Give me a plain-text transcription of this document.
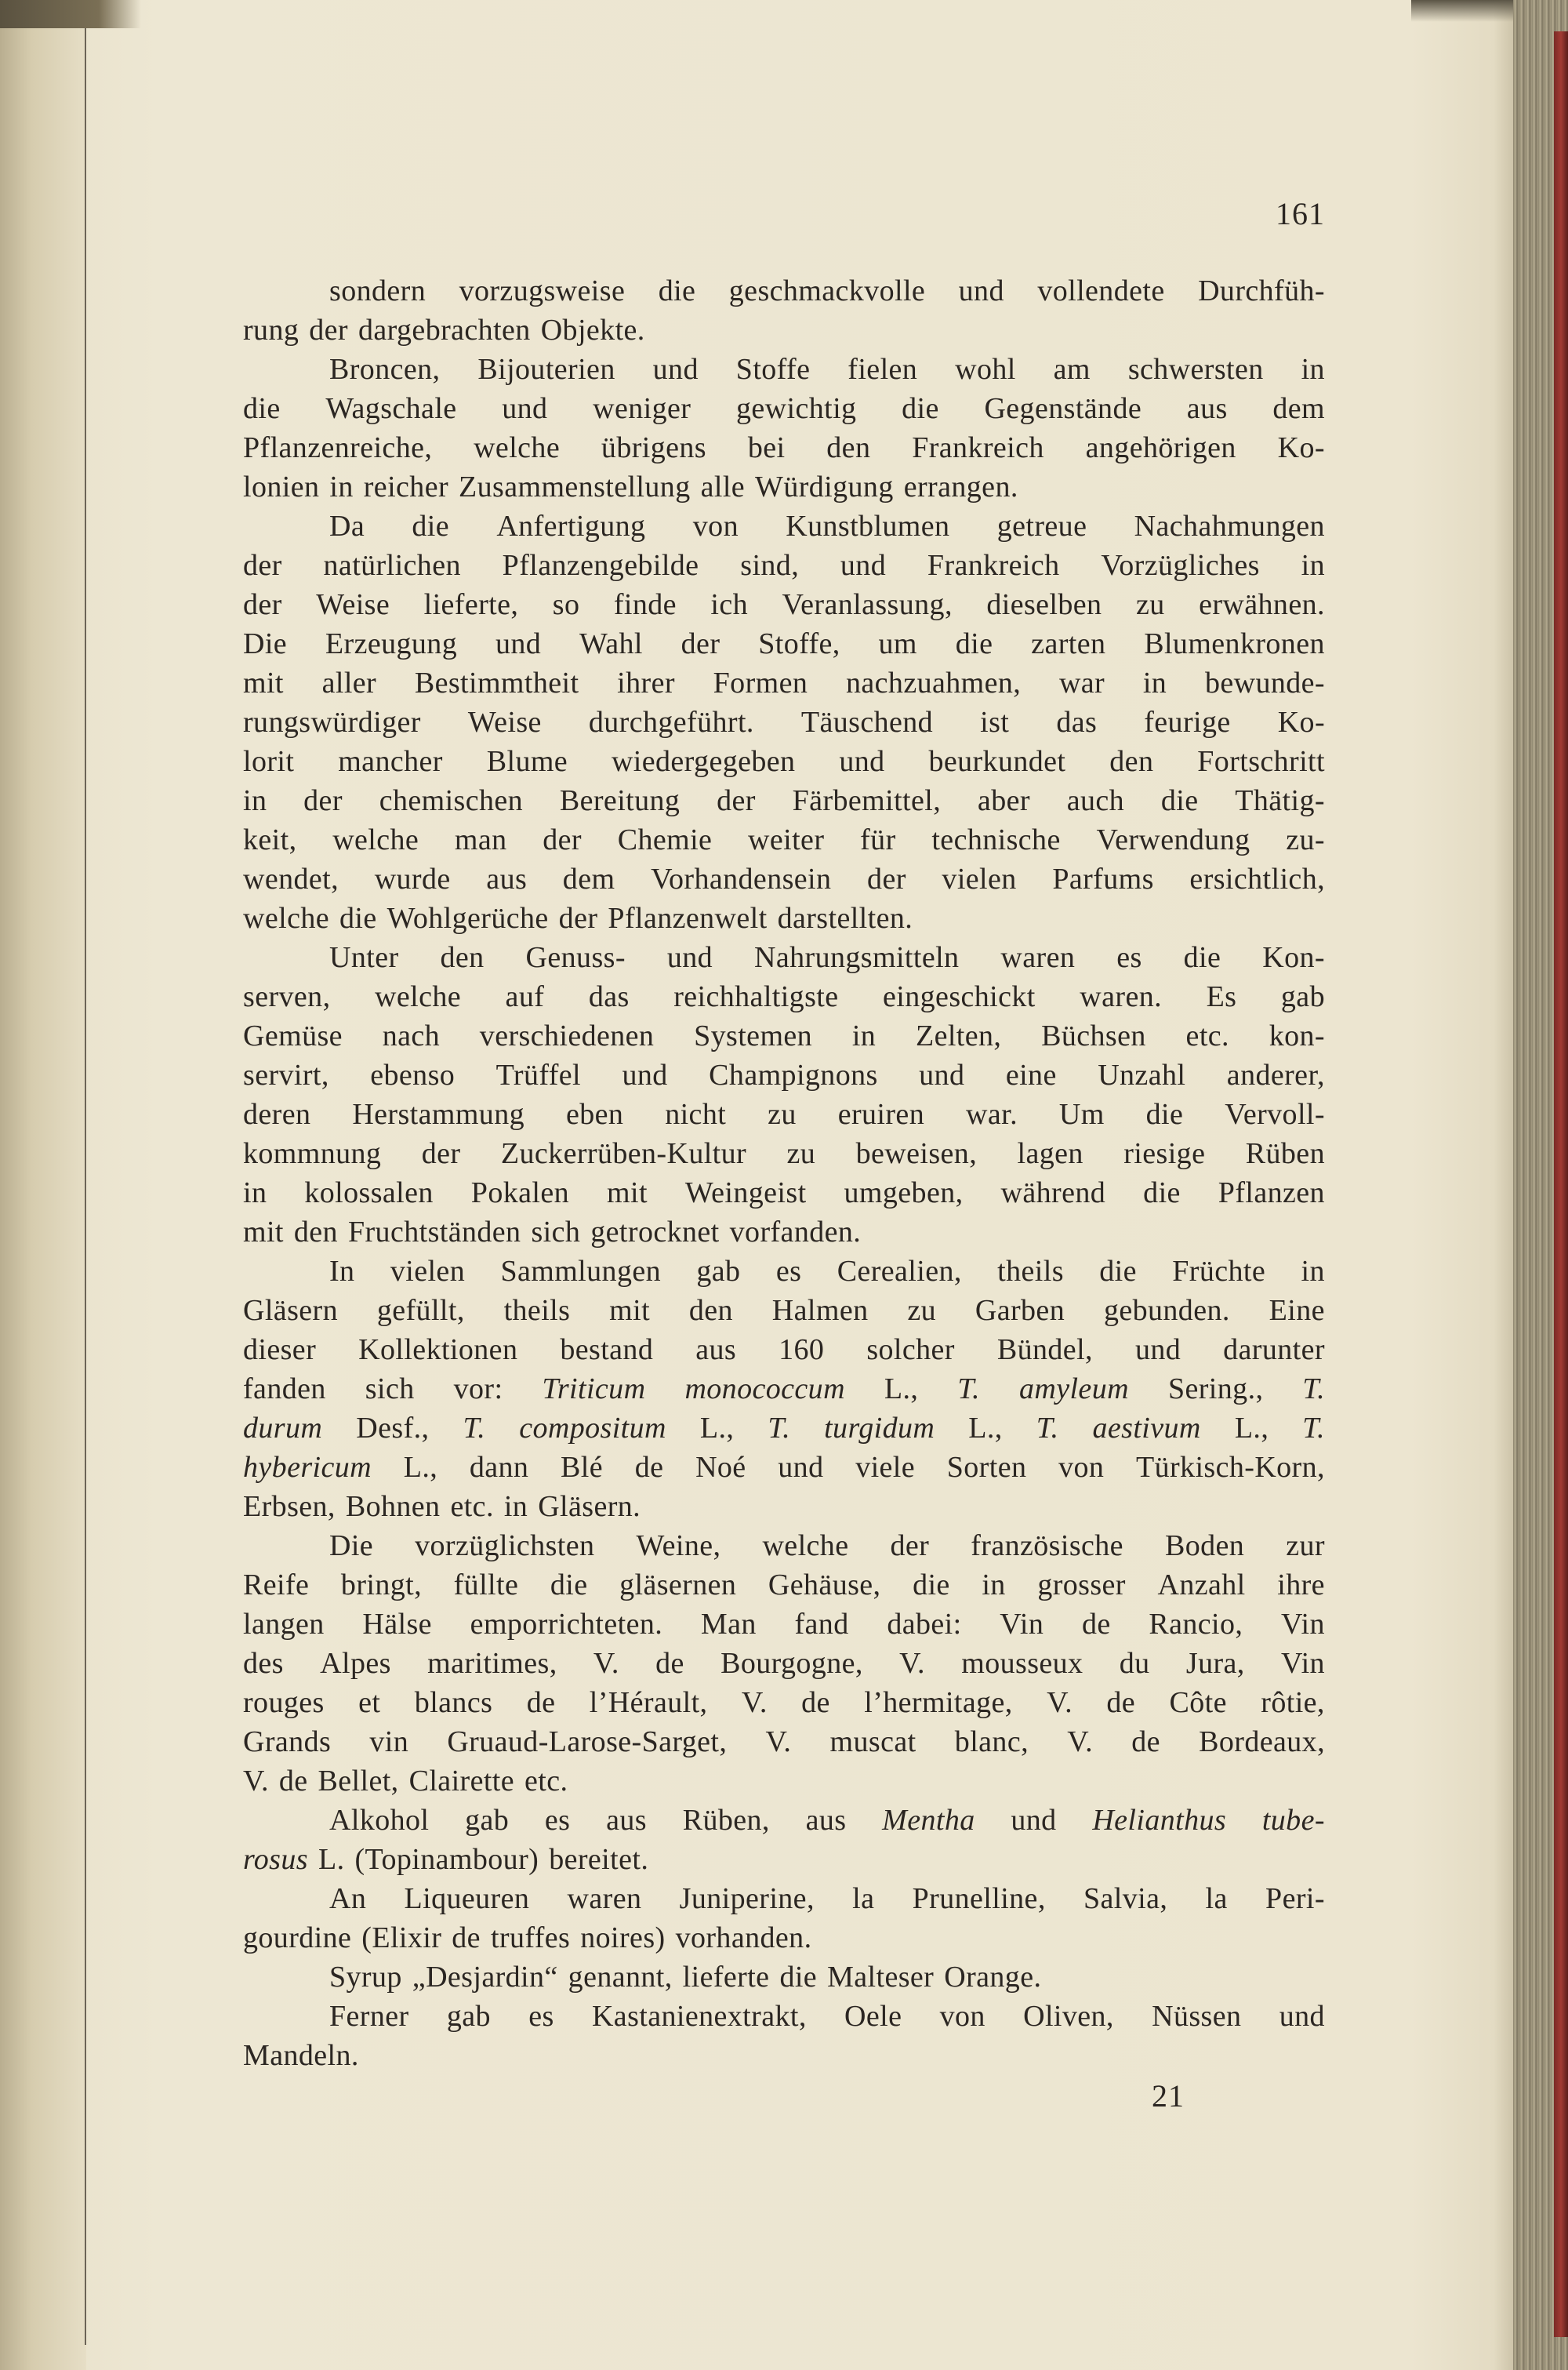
161
sondern vorzugsweise die geschmackvolle und vollendete Durchfüh-
rung der dargebrachten Objekte.
Broncen, Bijouterien und Stoffe fielen wohl am schwersten in
die Wagschale und weniger gewichtig die Gegenstände aus dem
Pflanzenreiche, welche übrigens bei den Frankreich angehörigen Ko-
lonien in reicher Zusammenstellung alle Würdigung errangen.
Da die Anfertigung von Kunstblumen getreue Nachahmungen
der natürlichen Pflanzengebilde sind, und Frankreich Vorzügliches in
der Weise lieferte, so finde ich Veranlassung, dieselben zu erwähnen.
Die Erzeugung und Wahl der Stoffe, um die zarten Blumenkronen
mit aller Bestimmtheit ihrer Formen nachzuahmen, war in bewunde-
rungswürdiger Weise durchgeführt. Täuschend ist das feurige Ko-
lorit mancher Blume wiedergegeben und beurkundet den Fortschritt
in der chemischen Bereitung der Färbemittel, aber auch die Thätig-
keit, welche man der Chemie weiter für technische Verwendung zu-
wendet, wurde aus dem Vorhandensein der vielen Parfums ersichtlich,
welche die Wohlgerüche der Pflanzenwelt darstellten.
Unter den Genuss- und Nahrungsmitteln waren es die Kon-
serven, welche auf das reichhaltigste eingeschickt waren. Es gab
Gemüse nach verschiedenen Systemen in Zelten, Büchsen etc. kon-
servirt, ebenso Trüffel und Champignons und eine Unzahl anderer,
deren Herstammung eben nicht zu eruiren war. Um die Vervoll-
kommnung der Zuckerrüben-Kultur zu beweisen, lagen riesige Rüben
in kolossalen Pokalen mit Weingeist umgeben, während die Pflanzen
mit den Fruchtständen sich getrocknet vorfanden.
In vielen Sammlungen gab es Cerealien, theils die Früchte in
Gläsern gefüllt, theils mit den Halmen zu Garben gebunden. Eine
dieser Kollektionen bestand aus 160 solcher Bündel, und darunter
fanden sich vor: Triticum monococcum L., T. amyleum Sering., T.
durum Desf., T. compositum L., T. turgidum L., T. aestivum L., T.
hybericum L., dann Blé de Noé und viele Sorten von Türkisch-Korn,
Erbsen, Bohnen etc. in Gläsern.
Die vorzüglichsten Weine, welche der französische Boden zur
Reife bringt, füllte die gläsernen Gehäuse, die in grosser Anzahl ihre
langen Hälse emporrichteten. Man fand dabei: Vin de Rancio, Vin
des Alpes maritimes, V. de Bourgogne, V. mousseux du Jura, Vin
rouges et blancs de l’Hérault, V. de l’hermitage, V. de Côte rôtie,
Grands vin Gruaud-Larose-Sarget, V. muscat blanc, V. de Bordeaux,
V. de Bellet, Clairette etc.
Alkohol gab es aus Rüben, aus Mentha und Helianthus tube-
rosus L. (Topinambour) bereitet.
An Liqueuren waren Juniperine, la Prunelline, Salvia, la Peri-
gourdine (Elixir de truffes noires) vorhanden.
Syrup „Desjardin“ genannt, lieferte die Malteser Orange.
Ferner gab es Kastanienextrakt, Oele von Oliven, Nüssen und
Mandeln.
21
